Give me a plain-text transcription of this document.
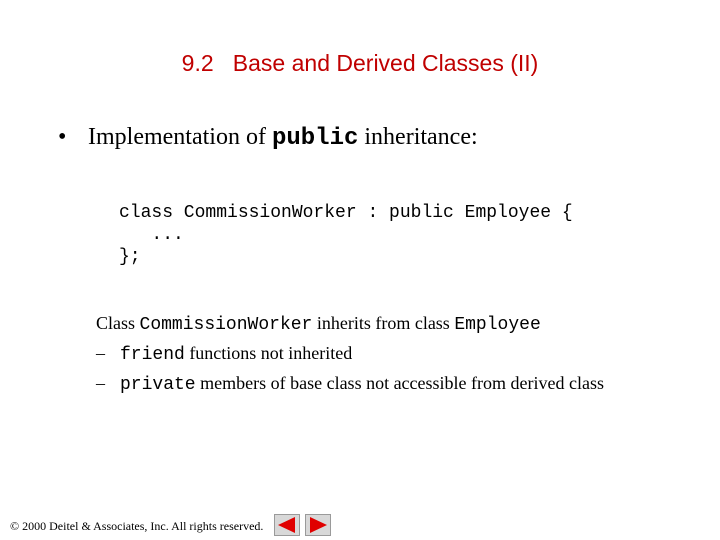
9.2   Base and Derived Classes (II)
• Implementation of public inheritance:
class CommissionWorker : public Employee {
...
};
Class CommissionWorker inherits from class Employee
– friend functions not inherited
– private members of base class not accessible from derived class
© 2000 Deitel & Associates, Inc. All rights reserved.
